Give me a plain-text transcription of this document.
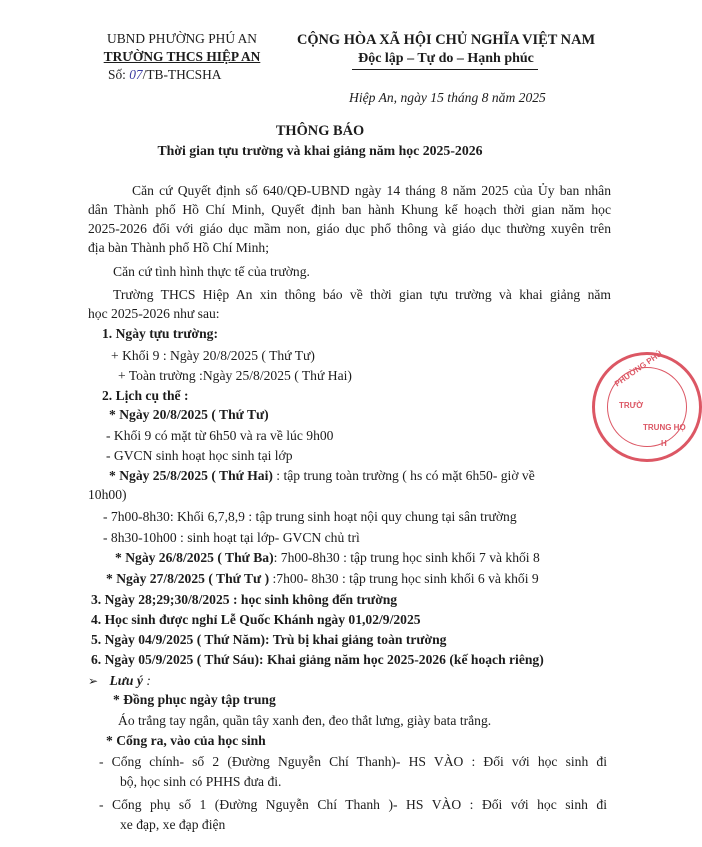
UBND PHƯỜNG PHÚ AN
TRƯỜNG THCS HIỆP AN
Số: 07/TB-THCSHA
CỘNG HÒA XÃ HỘI CHỦ NGHĨA VIỆT NAM
Độc lập – Tự do – Hạnh phúc
Hiệp An, ngày 15 tháng 8 năm 2025
THÔNG BÁO
Thời gian tựu trường và khai giảng năm học 2025-2026
Căn cứ Quyết định số 640/QĐ-UBND ngày 14 tháng 8 năm 2025 của Ủy ban nhân
dân Thành phố Hồ Chí Minh, Quyết định ban hành Khung kế hoạch thời gian năm học
2025-2026 đối với giáo dục mầm non, giáo dục phổ thông và giáo dục thường xuyên trên
địa bàn Thành phố Hồ Chí Minh;
Căn cứ tình hình thực tế của trường.
Trường THCS Hiệp An xin thông báo về thời gian tựu trường và khai giảng năm
học 2025-2026 như sau:
1. Ngày tựu trường:
+ Khối 9 : Ngày 20/8/2025 ( Thứ Tư)
+ Toàn trường :Ngày 25/8/2025 ( Thứ Hai)
2. Lịch cụ thể :
* Ngày 20/8/2025 ( Thứ Tư)
- Khối 9 có mặt từ 6h50 và ra về lúc 9h00
- GVCN sinh hoạt học sinh tại lớp
* Ngày 25/8/2025 ( Thứ Hai) : tập trung toàn trường ( hs có mặt 6h50- giờ về
10h00)
- 7h00-8h30: Khối 6,7,8,9 : tập trung sinh hoạt nội quy chung tại sân trường
- 8h30-10h00 : sinh hoạt tại lớp- GVCN chủ trì
* Ngày 26/8/2025 ( Thứ Ba): 7h00-8h30 : tập trung học sinh khối 7 và khối 8
* Ngày 27/8/2025 ( Thứ Tư ) :7h00- 8h30 : tập trung học sinh khối 6 và khối 9
3. Ngày 28;29;30/8/2025 : học sinh không đến trường
4. Học sinh được nghỉ Lễ Quốc Khánh ngày 01,02/9/2025
5. Ngày 04/9/2025 ( Thứ Năm): Trù bị khai giảng toàn trường
6. Ngày 05/9/2025 ( Thứ Sáu): Khai giảng năm học 2025-2026 (kế hoạch riêng)
➢ Lưu ý :
* Đồng phục ngày tập trung
Áo trắng tay ngắn, quần tây xanh đen, đeo thắt lưng, giày bata trắng.
* Cổng ra, vào của học sinh
- Cổng chính- số 2 (Đường Nguyễn Chí Thanh)- HS VÀO : Đối với học sinh đi
bộ, học sinh có PHHS đưa đi.
- Cổng phụ số 1 (Đường Nguyễn Chí Thanh )- HS VÀO : Đối với học sinh đi
xe đạp, xe đạp điện
PHƯỜNG PHÚ
TRƯỜ
TRUNG HỌ
H
